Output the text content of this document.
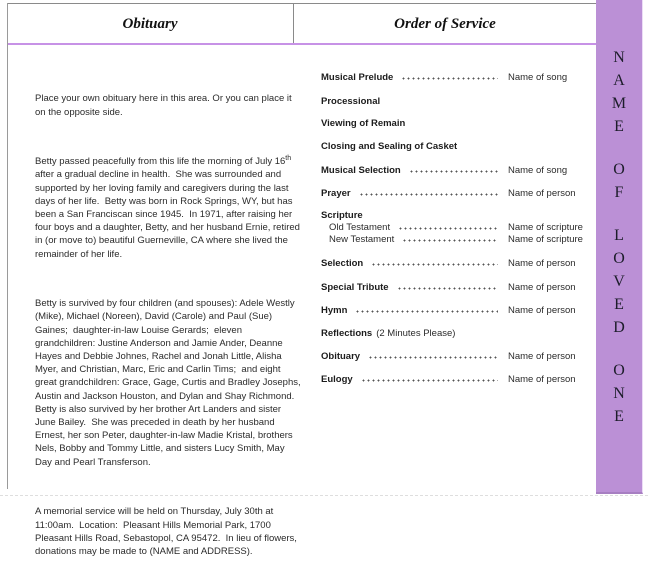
Obituary	Order of Service

Place your own obituary here in this area. Or you can place it on the opposite side.

Betty passed peacefully from this life the morning of July 16th after a gradual decline in health.  She was surrounded and supported by her loving family and caregivers during the last days of her life.  Betty was born in Rock Springs, WY, but has been a San Franciscan since 1945.  In 1971, after raising her four boys and a daughter, Betty, and her husband Ernie, retired in (or move to) beautiful Guerneville, CA where she lived the remainder of her life.

Betty is survived by four children (and spouses): Adele Westly (Mike), Michael (Noreen), David (Carole) and Paul (Sue) Gaines;  daughter-in-law Louise Gerards;  eleven grandchildren: Justine Anderson and Jamie Ander, Deanne Hayes and Debbie Johnes, Rachel and Jonah Little, Alisha Myer, and Christian, Marc, Eric and Carlin Tims;  and eight great grandchildren: Grace, Gage, Curtis and Bradley Josephs, Austin and Jackson Houston, and Dylan and Shay Richmond.  Betty is also survived by her brother Art Landers and sister June Bailey.  She was preceded in death by her husband Ernest, her son Peter, daughter-in-law Madie Kristal, brothers Nels, Bobby and Tommy Little, and sisters Lucy Smith, May Day and Pearl Transferson.

A memorial service will be held on Thursday, July 30th at 11:00am.  Location:  Pleasant Hills Memorial Park, 1700 Pleasant Hills Road, Sebastopol, CA 95472.  In lieu of flowers, donations may be made to (NAME and ADDRESS).

Musical Prelude	Name of song
Processional
Viewing of Remain
Closing and Sealing of Casket
Musical Selection	Name of song
Prayer	Name of person
Scripture
Old Testament	Name of scripture
New Testament	Name of scripture
Selection	Name of person
Special Tribute	Name of person
Hymn	Name of person
Reflections (2 Minutes Please)
Obituary	Name of person
Eulogy	Name of person
N
A
M
E
O
F
L
O
V
E
D
O
N
E
